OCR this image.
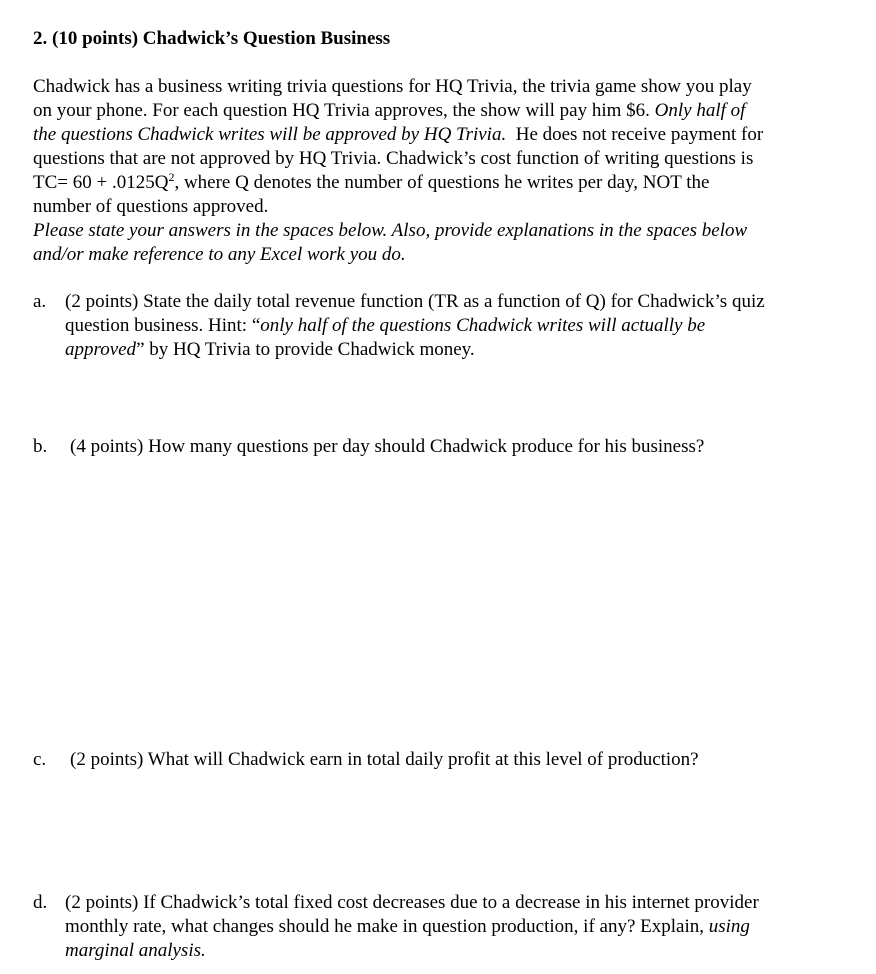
2. (10 points) Chadwick’s Question Business
Chadwick has a business writing trivia questions for HQ Trivia, the trivia game show you play
on your phone. For each question HQ Trivia approves, the show will pay him $6. Only half of
the questions Chadwick writes will be approved by HQ Trivia.  He does not receive payment for
questions that are not approved by HQ Trivia. Chadwick’s cost function of writing questions is
$TC= 60 + .0125Q^2$, where Q denotes the number of questions he writes per day, NOT the
number of questions approved.
Please state your answers in the spaces below. Also, provide explanations in the spaces below
and/or make reference to any Excel work you do.
a. (2 points) State the daily total revenue function (TR as a function of Q) for Chadwick’s quiz
question business. Hint: “only half of the questions Chadwick writes will actually be
approved” by HQ Trivia to provide Chadwick money.
b. (4 points) How many questions per day should Chadwick produce for his business?
c. (2 points) What will Chadwick earn in total daily profit at this level of production?
d. (2 points) If Chadwick’s total fixed cost decreases due to a decrease in his internet provider
monthly rate, what changes should he make in question production, if any? Explain, using
marginal analysis.
